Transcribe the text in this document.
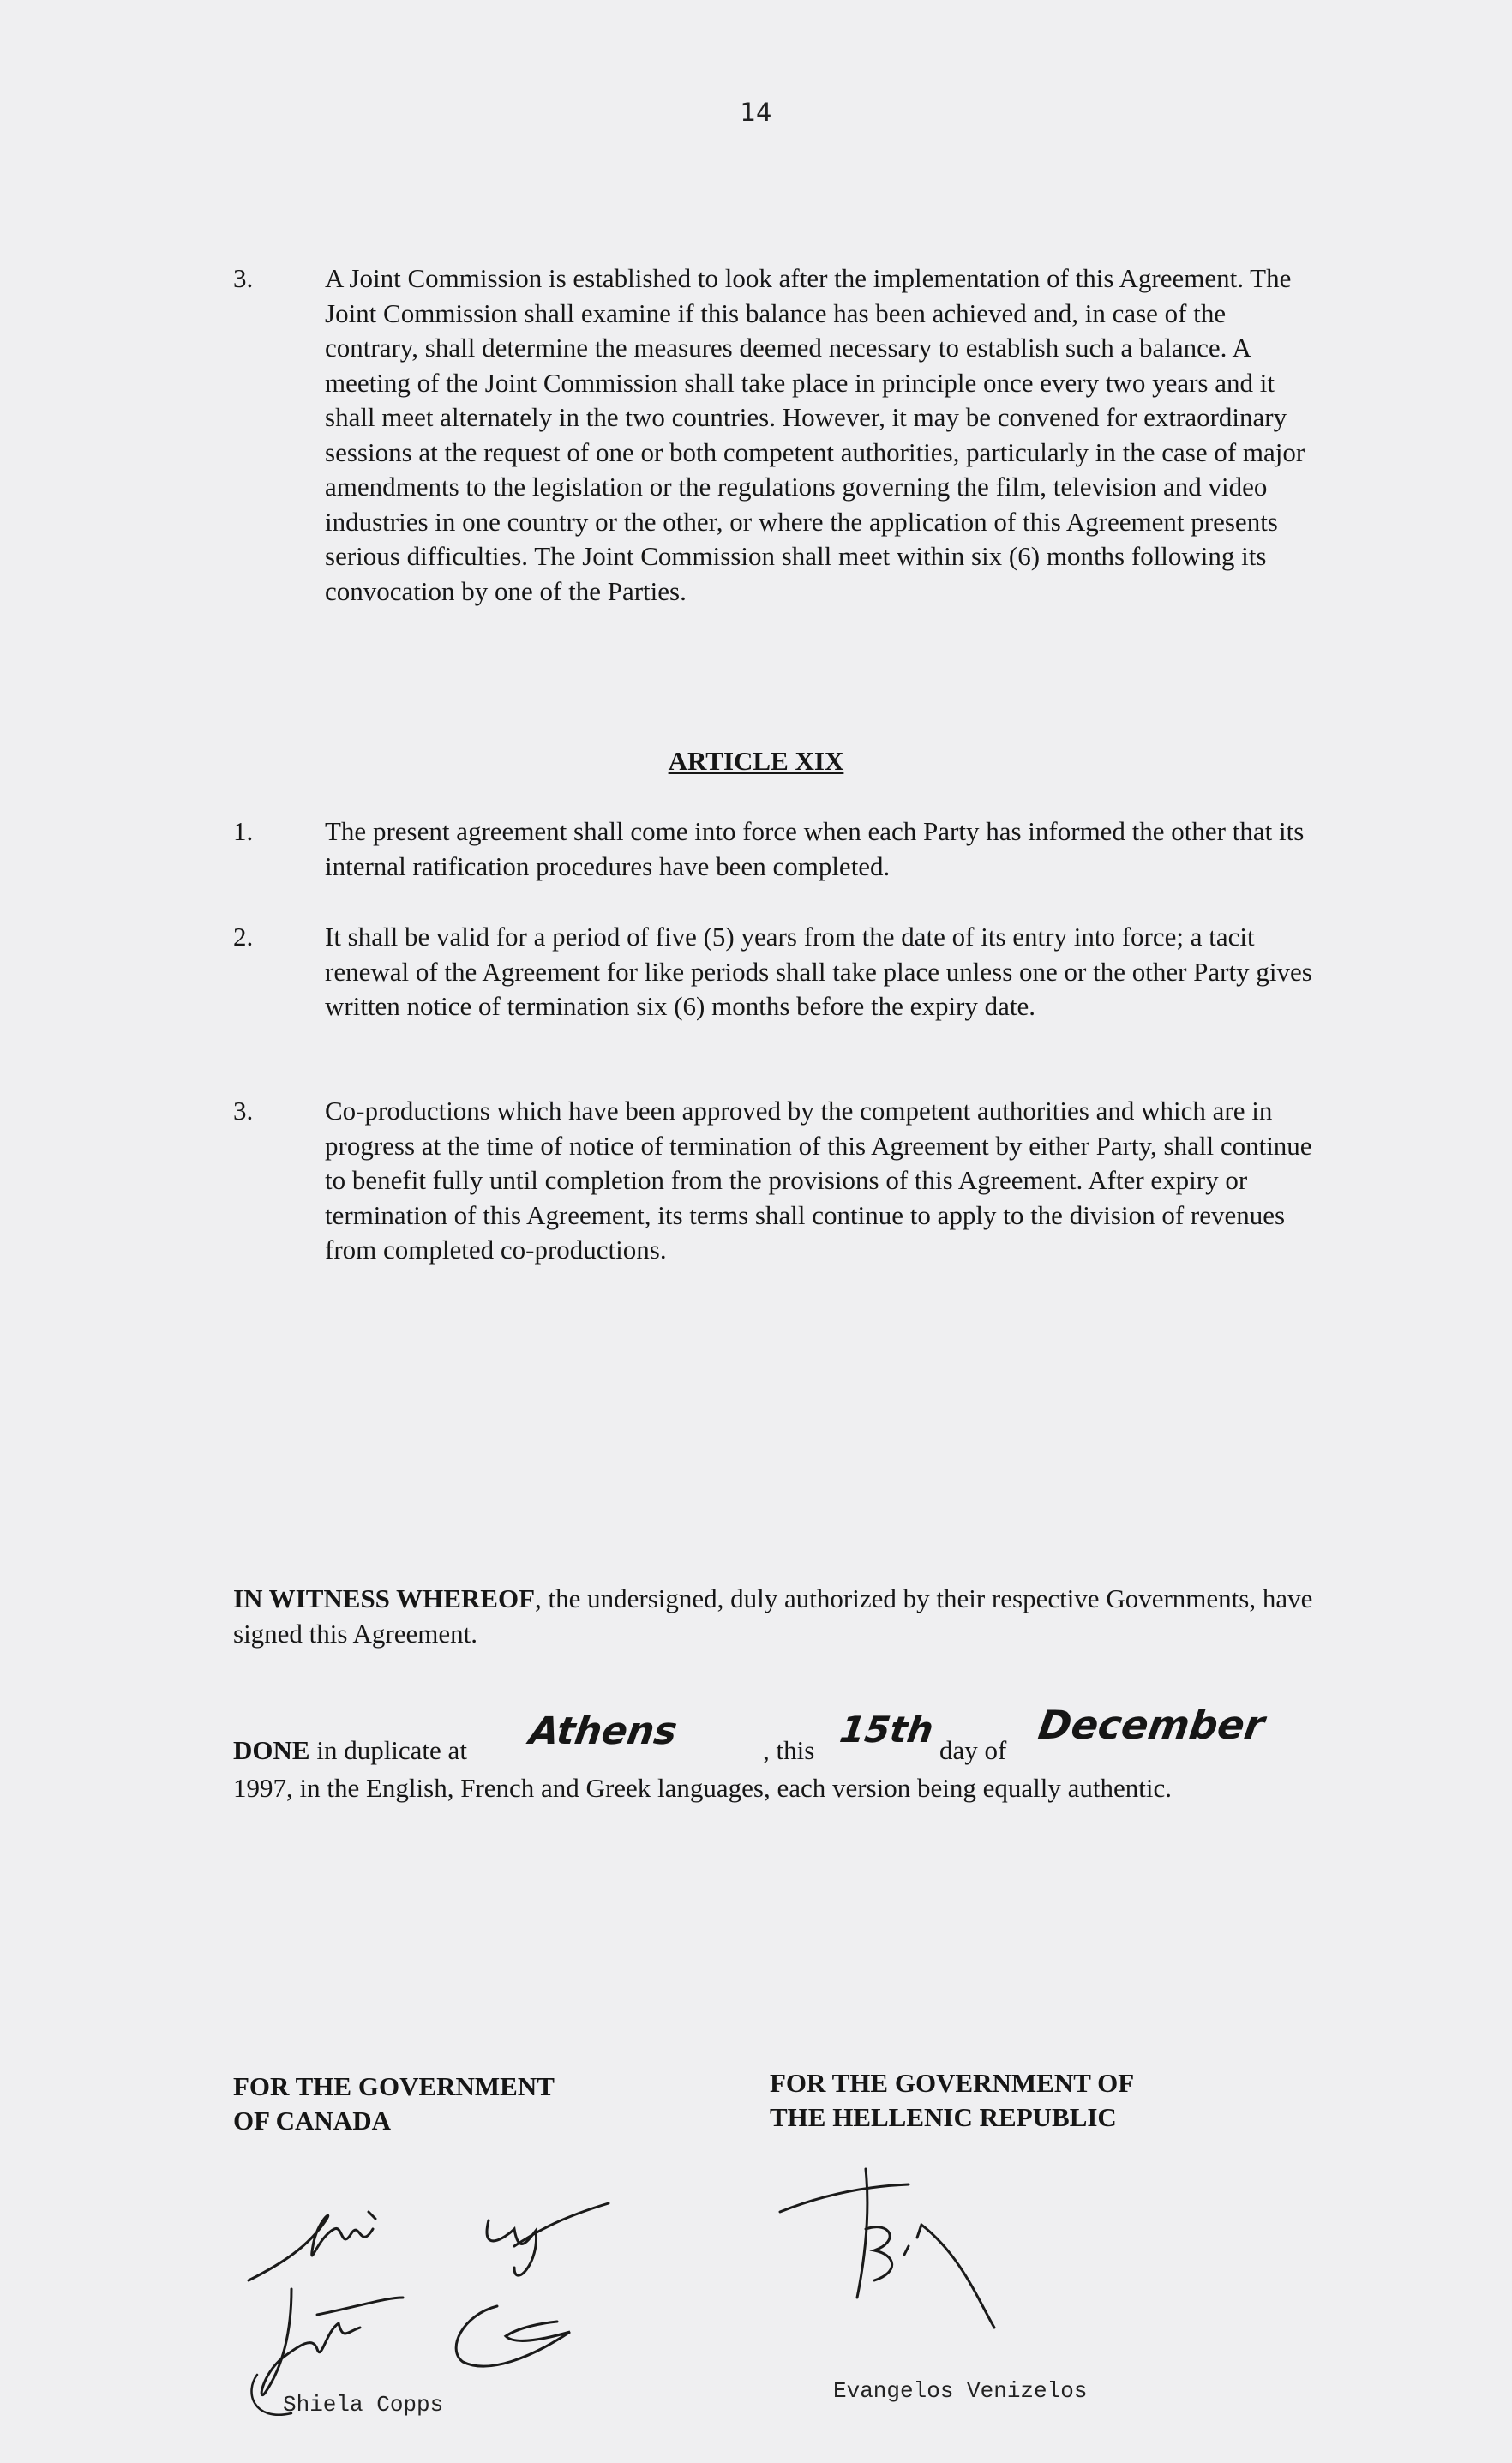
14
3.	A Joint Commission is established to look after the implementation of this Agreement. The Joint Commission shall examine if this balance has been achieved and, in case of the contrary, shall determine the measures deemed necessary to establish such a balance. A meeting of the Joint Commission shall take place in principle once every two years and it shall meet alternately in the two countries. However, it may be convened for extraordinary sessions at the request of one or both competent authorities, particularly in the case of major amendments to the legislation or the regulations governing the film, television and video industries in one country or the other, or where the application of this Agreement presents serious difficulties. The Joint Commission shall meet within six (6) months following its convocation by one of the Parties.
ARTICLE XIX
1.	The present agreement shall come into force when each Party has informed the other that its internal ratification procedures have been completed.
2.	It shall be valid for a period of five (5) years from the date of its entry into force; a tacit renewal of the Agreement for like periods shall take place unless one or the other Party gives written notice of termination six (6) months before the expiry date.
3.	Co-productions which have been approved by the competent authorities and which are in progress at the time of notice of termination of this Agreement by either Party, shall continue to benefit fully until completion from the provisions of this Agreement. After expiry or termination of this Agreement, its terms shall continue to apply to the division of revenues from completed co-productions.
IN WITNESS WHEREOF, the undersigned, duly authorized by their respective Governments, have signed this Agreement.
DONE in duplicate at Athens	, this 15th day of
December
1997, in the English, French and Greek languages, each version being equally authentic.
FOR THE GOVERNMENT
OF CANADA
FOR THE GOVERNMENT OF
THE HELLENIC REPUBLIC
Shiela Copps
Evangelos Venizelos
